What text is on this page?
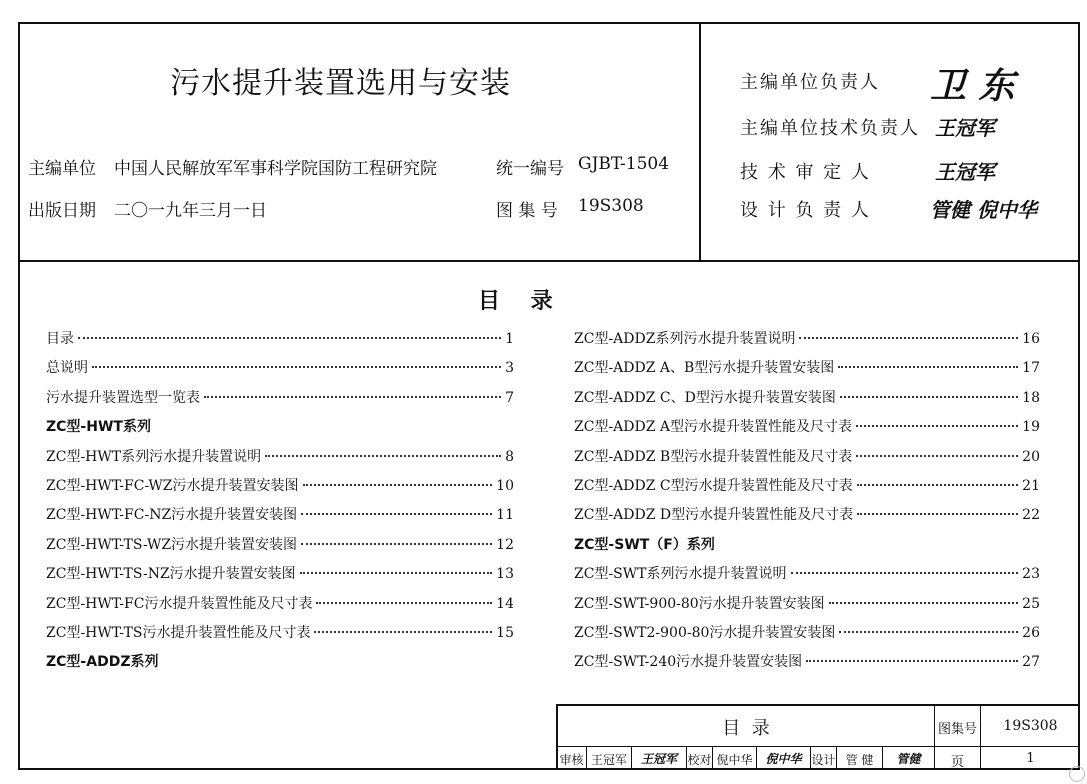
污水提升装置选用与安装
主编单位 中国人民解放军军事科学院国防工程研究院	统一编号 GJBT-1504
出版日期 二〇一九年三月一日	图 集 号 19S308
主编单位负责人 卫 东
主编单位技术负责人 王冠军
技 术 审 定 人	王冠军
设 计 负 责 人	管健 倪中华
目    录
目录	1
总说明	3
污水提升装置选型一览表	7
ZC型-HWT系列
ZC型-HWT系列污水提升装置说明	8
ZC型-HWT-FC-WZ污水提升装置安装图	10
ZC型-HWT-FC-NZ污水提升装置安装图	11
ZC型-HWT-TS-WZ污水提升装置安装图	12
ZC型-HWT-TS-NZ污水提升装置安装图	13
ZC型-HWT-FC污水提升装置性能及尺寸表	14
ZC型-HWT-TS污水提升装置性能及尺寸表	15
ZC型-ADDZ系列
ZC型-ADDZ系列污水提升装置说明	16
ZC型-ADDZ A、B型污水提升装置安装图	17
ZC型-ADDZ C、D型污水提升装置安装图	18
ZC型-ADDZ A型污水提升装置性能及尺寸表	19
ZC型-ADDZ B型污水提升装置性能及尺寸表	20
ZC型-ADDZ C型污水提升装置性能及尺寸表	21
ZC型-ADDZ D型污水提升装置性能及尺寸表	22
ZC型-SWT（F）系列
ZC型-SWT系列污水提升装置说明	23
ZC型-SWT-900-80污水提升装置安装图	25
ZC型-SWT2-900-80污水提升装置安装图	26
ZC型-SWT-240污水提升装置安装图	27
目  录	图集号	19S308
页	1
审核 王冠军	王冠军 校对 倪中华	倪中华 设计 管 健	管健
